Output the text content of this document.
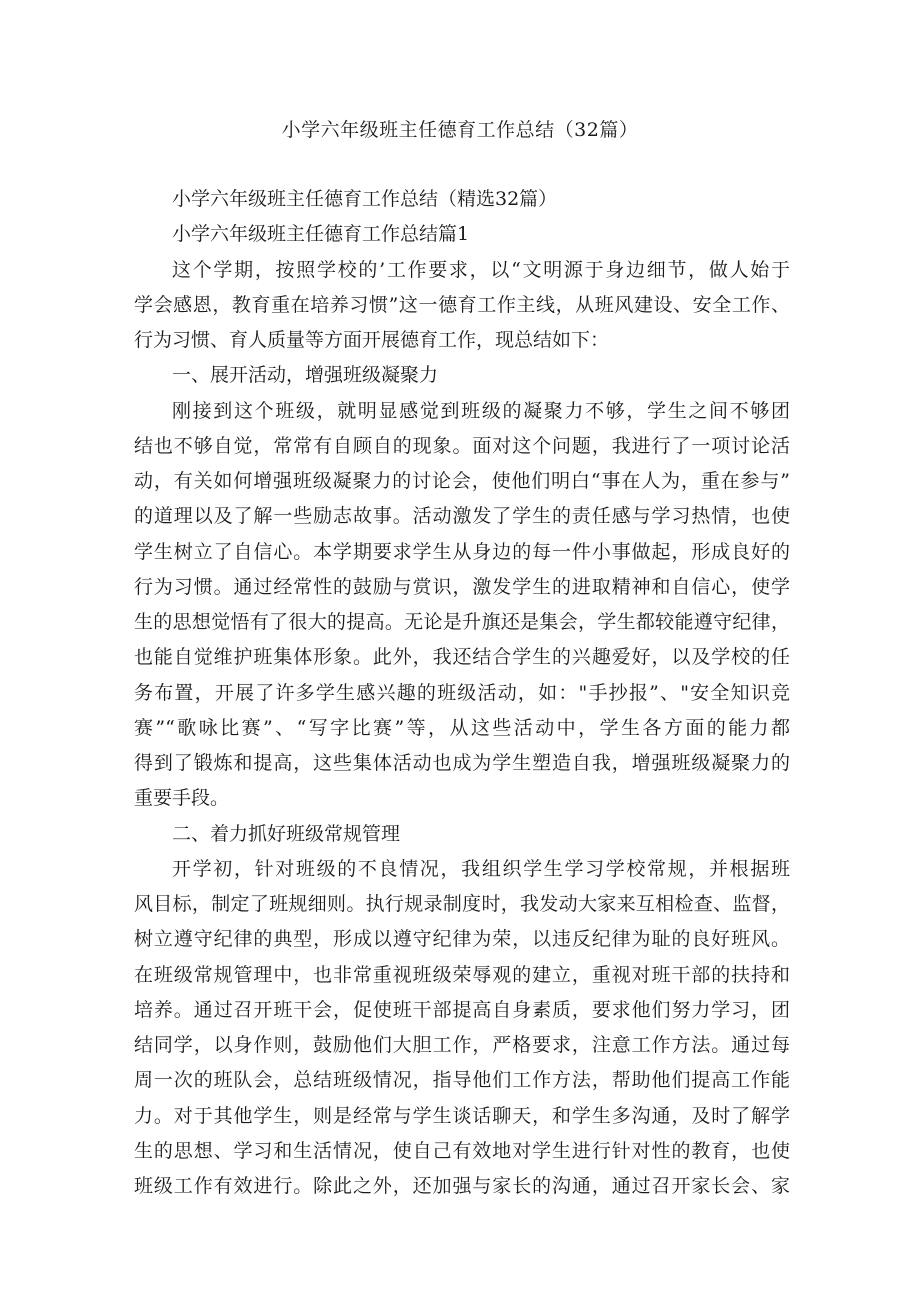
小学六年级班主任德育工作总结（32篇）
小学六年级班主任德育工作总结（精选32篇）
小学六年级班主任德育工作总结篇1
这个学期，按照学校的’工作要求，以“文明源于身边细节，做人始于
学会感恩，教育重在培养习惯”这一德育工作主线，从班风建设、安全工作、
行为习惯、育人质量等方面开展德育工作，现总结如下：
一、展开活动，增强班级凝聚力
刚接到这个班级，就明显感觉到班级的凝聚力不够，学生之间不够团
结也不够自觉，常常有自顾自的现象。面对这个问题，我进行了一项讨论活
动，有关如何增强班级凝聚力的讨论会，使他们明白“事在人为，重在参与”
的道理以及了解一些励志故事。活动激发了学生的责任感与学习热情，也使
学生树立了自信心。本学期要求学生从身边的每一件小事做起，形成良好的
行为习惯。通过经常性的鼓励与赏识，激发学生的进取精神和自信心，使学
生的思想觉悟有了很大的提高。无论是升旗还是集会，学生都较能遵守纪律，
也能自觉维护班集体形象。此外，我还结合学生的兴趣爱好，以及学校的任
务布置，开展了许多学生感兴趣的班级活动，如："手抄报”、"安全知识竞
赛”“歌咏比赛”、“写字比赛”等，从这些活动中，学生各方面的能力都
得到了锻炼和提高，这些集体活动也成为学生塑造自我，增强班级凝聚力的
重要手段。
二、着力抓好班级常规管理
开学初，针对班级的不良情况，我组织学生学习学校常规，并根据班
风目标，制定了班规细则。执行规录制度时，我发动大家来互相检查、监督，
树立遵守纪律的典型，形成以遵守纪律为荣，以违反纪律为耻的良好班风。
在班级常规管理中，也非常重视班级荣辱观的建立，重视对班干部的扶持和
培养。通过召开班干会，促使班干部提高自身素质，要求他们努力学习，团
结同学，以身作则，鼓励他们大胆工作，严格要求，注意工作方法。通过每
周一次的班队会，总结班级情况，指导他们工作方法，帮助他们提高工作能
力。对于其他学生，则是经常与学生谈话聊天，和学生多沟通，及时了解学
生的思想、学习和生活情况，使自己有效地对学生进行针对性的教育，也使
班级工作有效进行。除此之外，还加强与家长的沟通，通过召开家长会、家
